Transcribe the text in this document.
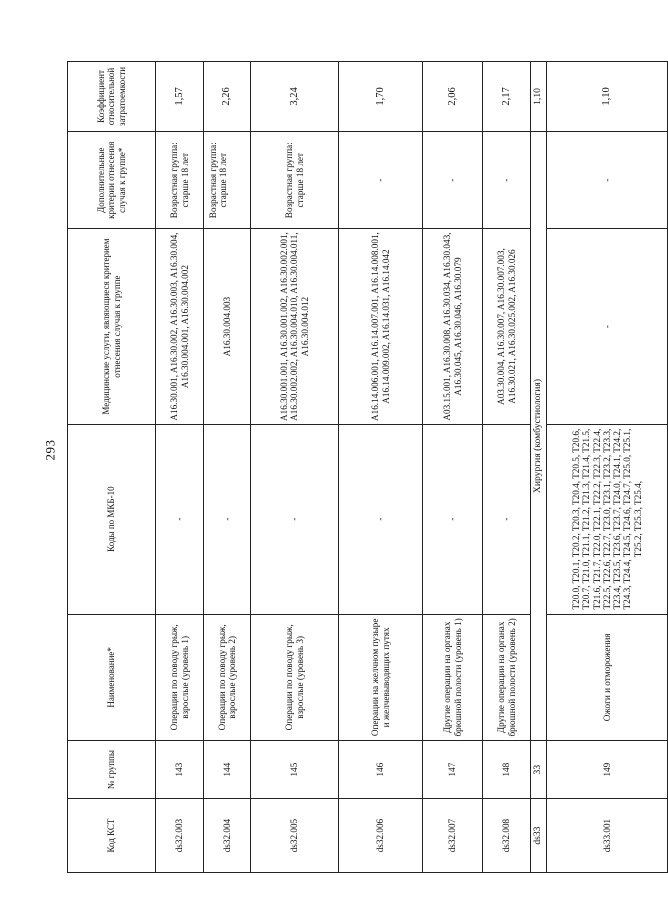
293
Код КСТ	№ группы	Наименование*	Коды по МКБ-10	Медицинские услуги, являющиеся критерием отнесения случая к группе	Дополнительные критерии отнесения случая к группе*	Коэффициент относительной затратоемкости
ds32.003	143	Операции по поводу грыж, взрослые (уровень 1)	-	A16.30.001, A16.30.002, A16.30.003, A16.30.004, A16.30.004.001, A16.30.004.002	Возрастная группа: старше 18 лет	1,57
ds32.004	144	Операции по поводу грыж, взрослые (уровень 2)	-	A16.30.004.003	Возрастная группа: старше 18 лет	2,26
ds32.005	145	Операции по поводу грыж, взрослые (уровень 3)	-	A16.30.001.001, A16.30.001.002, A16.30.002.001, A16.30.002.002, A16.30.004.010, A16.30.004.011, A16.30.004.012	Возрастная группа: старше 18 лет	3,24
ds32.006	146	Операции на желчном пузыре и желчевыводящих путях	-	A16.14.006.001, A16.14.007.001, A16.14.008.001, A16.14.009.002, A16.14.031, A16.14.042	-	1,70
ds32.007	147	Другие операции на органах брюшной полости (уровень 1)	-	A03.15.001, A16.30.008, A16.30.034, A16.30.043, A16.30.045, A16.30.046, A16.30.079	-	2,06
ds32.008	148	Другие операции на органах брюшной полости (уровень 2)	-	A03.30.004, A16.30.007, A16.30.007.003, A16.30.021, A16.30.025.002, A16.30.026	-	2,17
ds33	33	Хирургия (комбустиология)				1,10
ds33.001	149	Ожоги и отморожения	T20.0, T20.1, T20.2, T20.3, T20.4, T20.5, T20.6, T20.7, T21.0, T21.1, T21.2, T21.3, T21.4, T21.5, T21.6, T21.7, T22.0, T22.1, T22.2, T22.3, T22.4, T22.5, T22.6, T22.7, T23.0, T23.1, T23.2, T23.3, T23.4, T23.5, T23.6, T23.7, T24.0, T24.1, T24.2, T24.3, T24.4, T24.5, T24.6, T24.7, T25.0, T25.1, T25.2, T25.3, T25.4,	-	-	1,10
